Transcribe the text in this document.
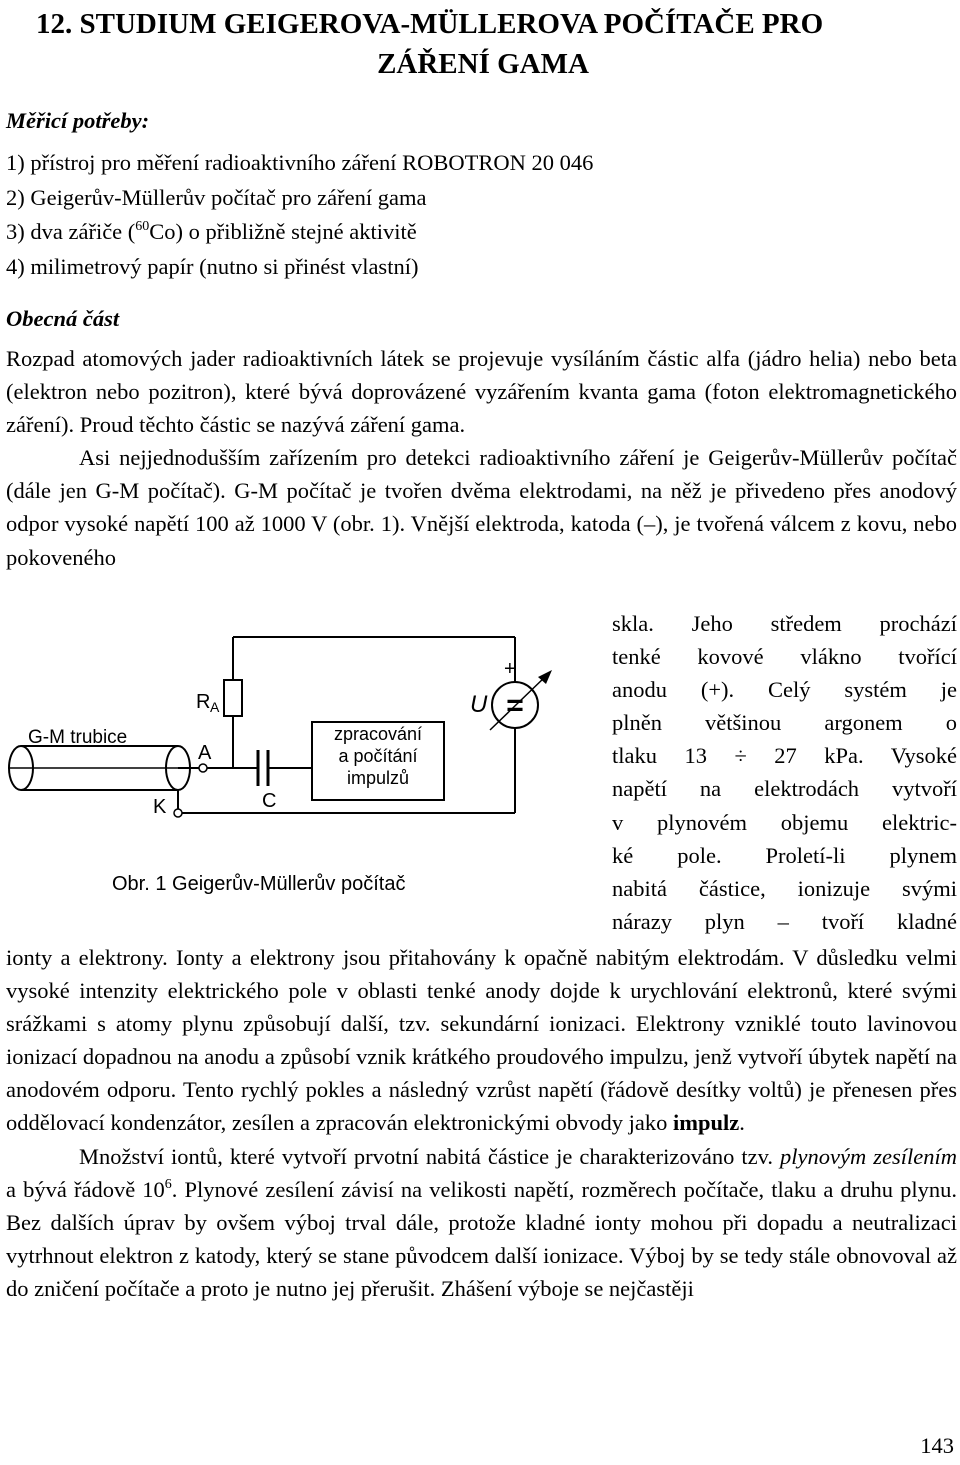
12. STUDIUM GEIGEROVA-MÜLLEROVA POČÍTAČE PRO
ZÁŘENÍ GAMA
Měřicí potřeby:
1) přístroj pro měření radioaktivního záření ROBOTRON 20 046
2) Geigerův-Müllerův počítač pro záření gama
3) dva zářiče ($^{60}$Co) o přibližně stejné aktivitě
4) milimetrový papír (nutno si přinést vlastní)
Obecná část

Rozpad atomových jader radioaktivních látek se projevuje vysíláním částic alfa (jádro helia) nebo beta (elektron nebo pozitron), které bývá doprovázené vyzářením kvanta gama (foton elektromagnetického záření). Proud těchto částic se nazývá záření gama.

Asi nejjednodušším zařízením pro detekci radioaktivního záření je Geigerův-Müllerův počítač (dále jen G-M počítač). G-M počítač je tvořen dvěma elektrodami, na něž je přivedeno přes anodový odpor vysoké napětí 100 až 1000 V (obr. 1). Vnější elektroda, katoda (–), je tvořená válcem z kovu, nebo pokoveného

G-M trubice
R A
A
K	C
zpracování
a počítání
impulzů
U
+
=
Obr. 1 Geigerův-Müllerův počítač

skla. Jeho středem prochází

tenké kovové vlákno tvořící

anodu (+). Celý systém je

plněn většinou argonem o

tlaku 13 ÷ 27 kPa. Vysoké

napětí na elektrodách vytvoří

v plynovém objemu elektric-

ké pole. Proletí-li plynem

nabitá částice, ionizuje svými

nárazy plyn – tvoří kladné

ionty a elektrony. Ionty a elektrony jsou přitahovány k opačně nabitým elektrodám. V důsledku velmi vysoké intenzity elektrického pole v oblasti tenké anody dojde k urychlování elektronů, které svými srážkami s atomy plynu způsobují další, tzv. sekundární ionizaci. Elektrony vzniklé touto lavinovou ionizací dopadnou na anodu a způsobí vznik krátkého proudového impulzu, jenž vytvoří úbytek napětí na anodovém odporu. Tento rychlý pokles a následný vzrůst napětí (řádově desítky voltů) je přenesen přes oddělovací kondenzátor, zesílen a zpracován elektronickými obvody jako impulz.

Množství iontů, které vytvoří prvotní nabitá částice je charakterizováno tzv. plynovým zesílením a bývá řádově $10^6$. Plynové zesílení závisí na velikosti napětí, rozměrech počítače, tlaku a druhu plynu. Bez dalších úprav by ovšem výboj trval dále, protože kladné ionty mohou při dopadu a neutralizaci vytrhnout elektron z katody, který se stane původcem další ionizace. Výboj by se tedy stále obnovoval až do zničení počítače a proto je nutno jej přerušit. Zhášení výboje se nejčastěji

143
